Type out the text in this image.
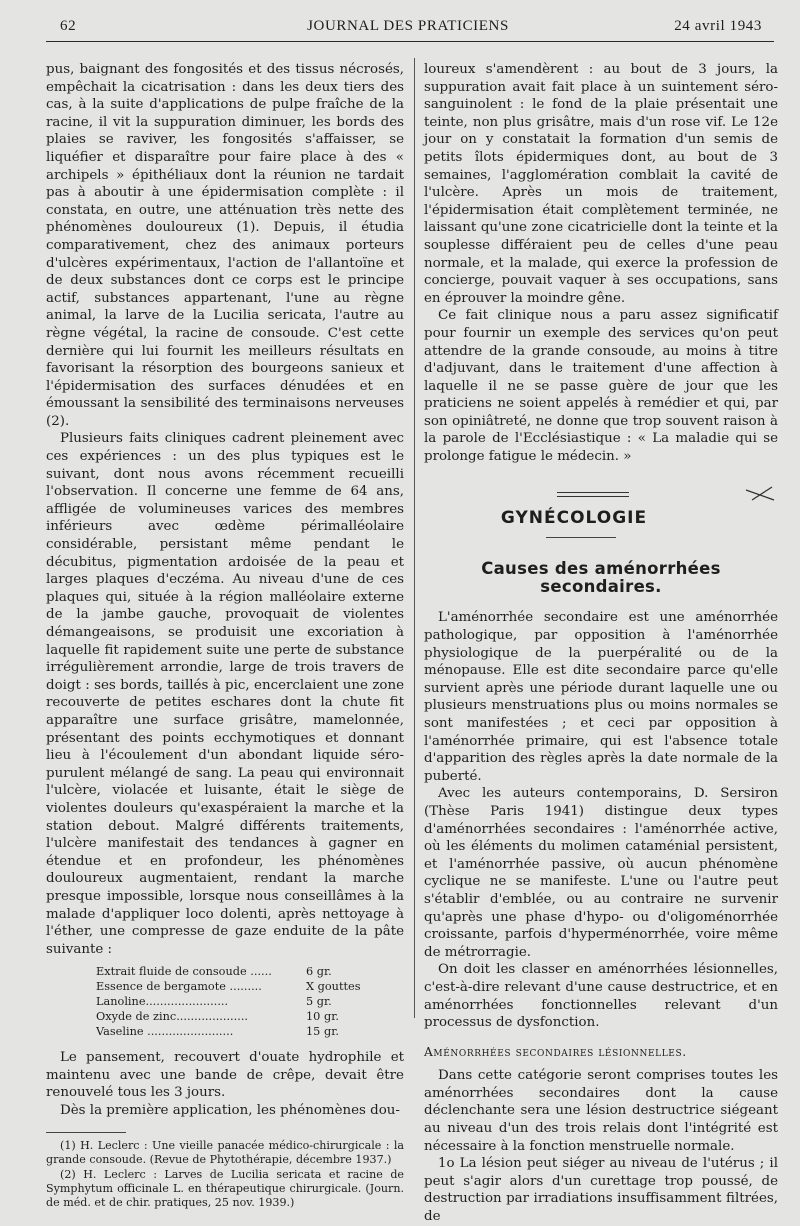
62	JOURNAL DES PRATICIENS	24 avril 1943

pus, baignant des fongosités et des tissus nécrosés, empêchait la cicatrisation : dans les deux tiers des cas, à la suite d'applications de pulpe fraîche de la racine, il vit la suppuration diminuer, les bords des plaies se raviver, les fongosités s'affaisser, se liquéfier et disparaître pour faire place à des « archipels » épithéliaux dont la réunion ne tardait pas à aboutir à une épidermisation complète : il constata, en outre, une atténuation très nette des phénomènes douloureux (1). Depuis, il étudia comparativement, chez des animaux porteurs d'ulcères expérimentaux, l'action de l'allantoïne et de deux substances dont ce corps est le principe actif, substances appartenant, l'une au règne animal, la larve de la Lucilia sericata, l'autre au règne végétal, la racine de consoude. C'est cette dernière qui lui fournit les meilleurs résultats en favorisant la résorption des bourgeons sanieux et l'épidermisation des surfaces dénudées et en émoussant la sensibilité des terminaisons nerveuses (2).

Plusieurs faits cliniques cadrent pleinement avec ces expériences : un des plus typiques est le suivant, dont nous avons récemment recueilli l'observation. Il concerne une femme de 64 ans, affligée de volumineuses varices des membres inférieurs avec œdème périmalléolaire considérable, persistant même pendant le décubitus, pigmentation ardoisée de la peau et larges plaques d'eczéma. Au niveau d'une de ces plaques qui, située à la région malléolaire externe de la jambe gauche, provoquait de violentes démangeaisons, se produisit une excoriation à laquelle fit rapidement suite une perte de substance irrégulièrement arrondie, large de trois travers de doigt : ses bords, taillés à pic, encerclaient une zone recouverte de petites eschares dont la chute fit apparaître une surface grisâtre, mamelonnée, présentant des points ecchymotiques et donnant lieu à l'écoulement d'un abondant liquide séro-purulent mélangé de sang. La peau qui environnait l'ulcère, violacée et luisante, était le siège de violentes douleurs qu'exaspéraient la marche et la station debout. Malgré différents traitements, l'ulcère manifestait des tendances à gagner en étendue et en profondeur, les phénomènes douloureux augmentaient, rendant la marche presque impossible, lorsque nous conseillâmes à la malade d'appliquer loco dolenti, après nettoyage à l'éther, une compresse de gaze enduite de la pâte suivante :

Extrait fluide de consoude ......	6 gr.
Essence de bergamote .........	X gouttes
Lanoline.......................	5 gr.
Oxyde de zinc....................	10 gr.
Vaseline ........................	15 gr.

Le pansement, recouvert d'ouate hydrophile et maintenu avec une bande de crêpe, devait être renouvelé tous les 3 jours.

Dès la première application, les phénomènes dou-

(1) H. Leclerc : Une vieille panacée médico-chirurgicale : la grande consoude. (Revue de Phytothérapie, décembre 1937.)

(2) H. Leclerc : Larves de Lucilia sericata et racine de Symphytum officinale L. en thérapeutique chirurgicale. (Journ. de méd. et de chir. pratiques, 25 nov. 1939.)

loureux s'amendèrent : au bout de 3 jours, la suppuration avait fait place à un suintement séro-sanguinolent : le fond de la plaie présentait une teinte, non plus grisâtre, mais d'un rose vif. Le 12e jour on y constatait la formation d'un semis de petits îlots épidermiques dont, au bout de 3 semaines, l'agglomération comblait la cavité de l'ulcère. Après un mois de traitement, l'épidermisation était complètement terminée, ne laissant qu'une zone cicatricielle dont la teinte et la souplesse différaient peu de celles d'une peau normale, et la malade, qui exerce la profession de concierge, pouvait vaquer à ses occupations, sans en éprouver la moindre gêne.

Ce fait clinique nous a paru assez significatif pour fournir un exemple des services qu'on peut attendre de la grande consoude, au moins à titre d'adjuvant, dans le traitement d'une affection à laquelle il ne se passe guère de jour que les praticiens ne soient appelés à remédier et qui, par son opiniâtreté, ne donne que trop souvent raison à la parole de l'Ecclésiastique : « La maladie qui se prolonge fatigue le médecin. »

GYNÉCOLOGIE
Causes des aménorrhées secondaires.

L'aménorrhée secondaire est une aménorrhée pathologique, par opposition à l'aménorrhée physiologique de la puerpéralité ou de la ménopause. Elle est dite secondaire parce qu'elle survient après une période durant laquelle une ou plusieurs menstruations plus ou moins normales se sont manifestées ; et ceci par opposition à l'aménorrhée primaire, qui est l'absence totale d'apparition des règles après la date normale de la puberté.

Avec les auteurs contemporains, D. Sersiron (Thèse Paris 1941) distingue deux types d'aménorrhées secondaires : l'aménorrhée active, où les éléments du molimen cataménial persistent, et l'aménorrhée passive, où aucun phénomène cyclique ne se manifeste. L'une ou l'autre peut s'établir d'emblée, ou au contraire ne survenir qu'après une phase d'hypo- ou d'oligoménorrhée croissante, parfois d'hyperménorrhée, voire même de métrorragie.

On doit les classer en aménorrhées lésionnelles, c'est-à-dire relevant d'une cause destructrice, et en aménorrhées fonctionnelles relevant d'un processus de dysfonction.

Aménorrhées secondaires lésionnelles.

Dans cette catégorie seront comprises toutes les aménorrhées secondaires dont la cause déclenchante sera une lésion destructrice siégeant au niveau d'un des trois relais dont l'intégrité est nécessaire à la fonction menstruelle normale.

1o La lésion peut siéger au niveau de l'utérus ; il peut s'agir alors d'un curettage trop poussé, de destruction par irradiations insuffisamment filtrées, de
